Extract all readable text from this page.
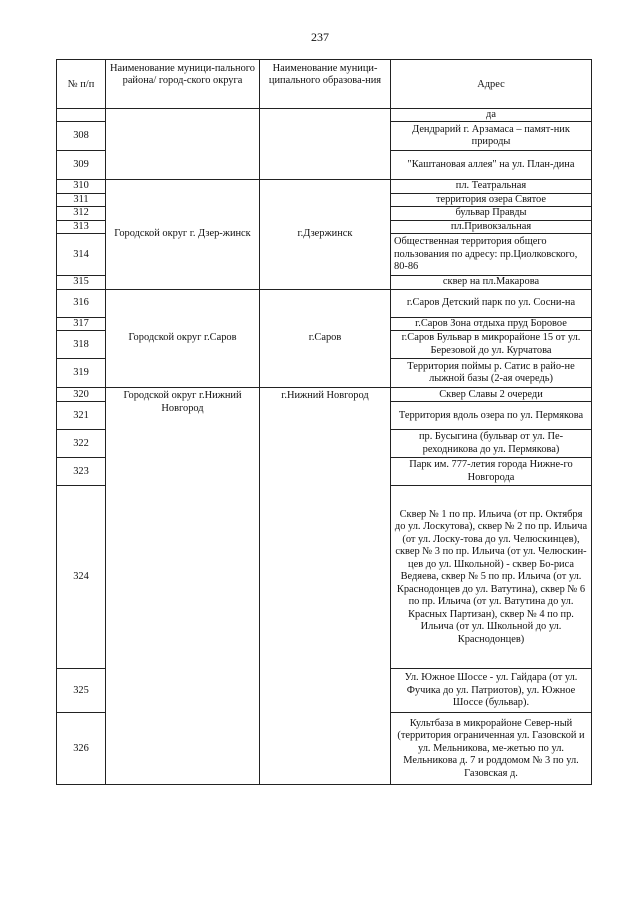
237
№ п/п	Наименование муници-пального района/ город-ского округа	Наименование муници-ципального образова-ния	Адрес
			да
308			Дендрарий г. Арзамаса – памят-ник природы
309			"Каштановая аллея" на ул. План-дина
310	Городской округ г. Дзер-жинск	г.Дзержинск	пл. Театральная
311			территория озера Святое
312			бульвар Правды
313			пл.Привокзальная
314			Общественная территория общего пользования по адресу: пр.Циолковского, 80-86
315			сквер на пл.Макарова
316	Городской округ г.Саров	г.Саров	г.Саров Детский парк по ул. Сосни-на
317			г.Саров Зона отдыха пруд Боровое
318			г.Саров Бульвар в микрорайоне 15 от ул. Березовой до ул. Курчатова
319			Территория поймы р. Сатис в райо-не лыжной базы (2-ая очередь)
320	Городской округ г.Нижний Новгород	г.Нижний Новгород	Сквер Славы 2 очереди
321			Территория вдоль озера по ул. Пермякова
322			пр. Бусыгина (бульвар от ул. Пе-реходникова до ул. Пермякова)
323			Парк им. 777-летия города Нижне-го Новгорода
324			Сквер № 1 по пр. Ильича (от пр. Октября до ул. Лоскутова), сквер № 2 по пр. Ильича (от ул. Лоску-това до ул. Челюскинцев), сквер № 3 по пр. Ильича (от ул. Челюскин-цев до ул. Школьной) - сквер Бо-риса Ведяева, сквер № 5 по пр. Ильича (от ул. Краснодонцев до ул. Ватутина), сквер № 6 по пр. Ильича (от ул. Ватутина до ул. Красных Партизан), сквер № 4 по пр. Ильича (от ул. Школьной до ул. Краснодонцев)
325			Ул. Южное Шоссе - ул. Гайдара (от ул. Фучика до ул. Патриотов), ул. Южное Шоссе (бульвар).
326			Культбаза в микрорайоне Север-ный (территория ограниченная ул. Газовской и ул. Мельникова, ме-жетью по ул. Мельникова д. 7 и роддомом № 3 по ул. Газовская д.
